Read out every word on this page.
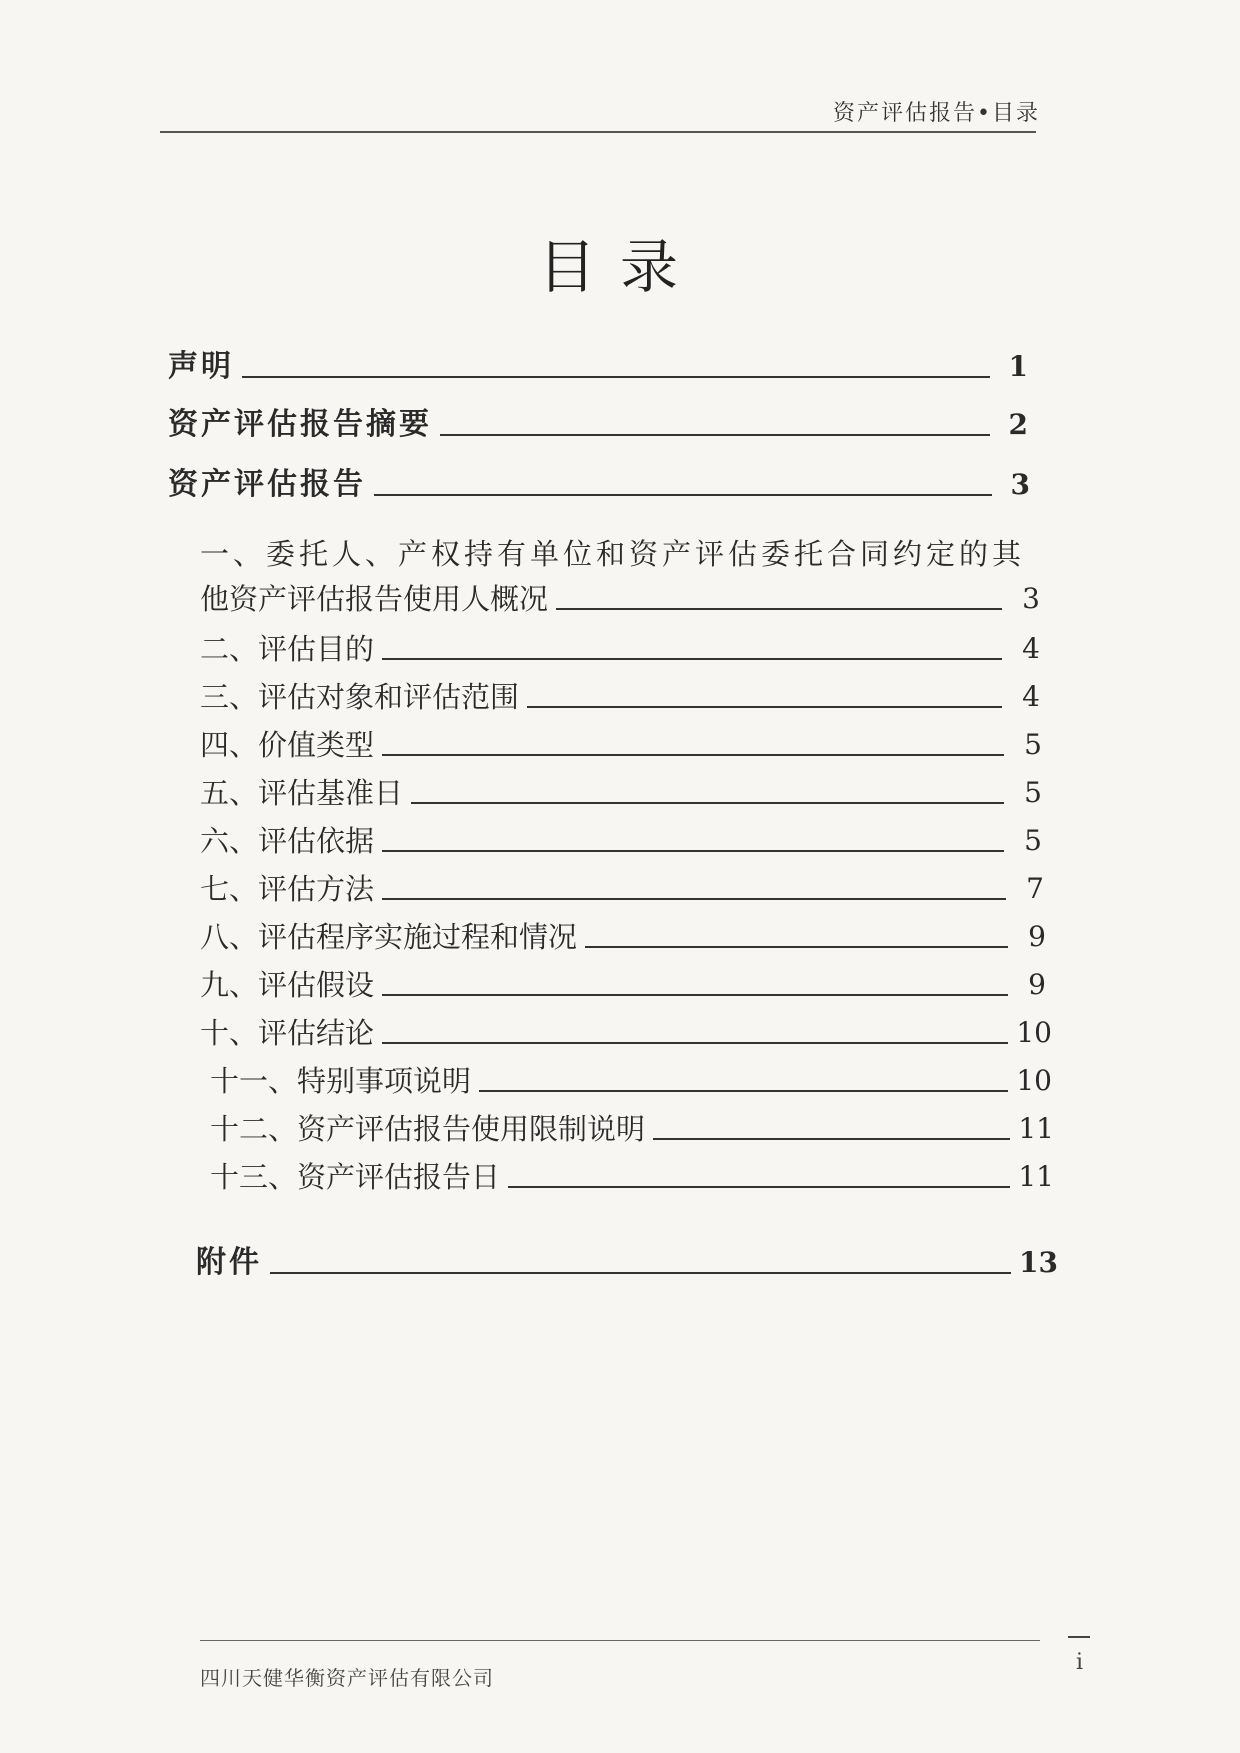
资产评估报告•目录
目录
声明	1
资产评估报告摘要	2
资产评估报告	3
一、委托人、产权持有单位和资产评估委托合同约定的其
他资产评估报告使用人概况	3
二、评估目的	4
三、评估对象和评估范围	4
四、价值类型	5
五、评估基准日	5
六、评估依据	5
七、评估方法	7
八、评估程序实施过程和情况	9
九、评估假设	9
十、评估结论	10
十一、特别事项说明	10
十二、资产评估报告使用限制说明	11
十三、资产评估报告日	11
附件	13
四川天健华衡资产评估有限公司
i
